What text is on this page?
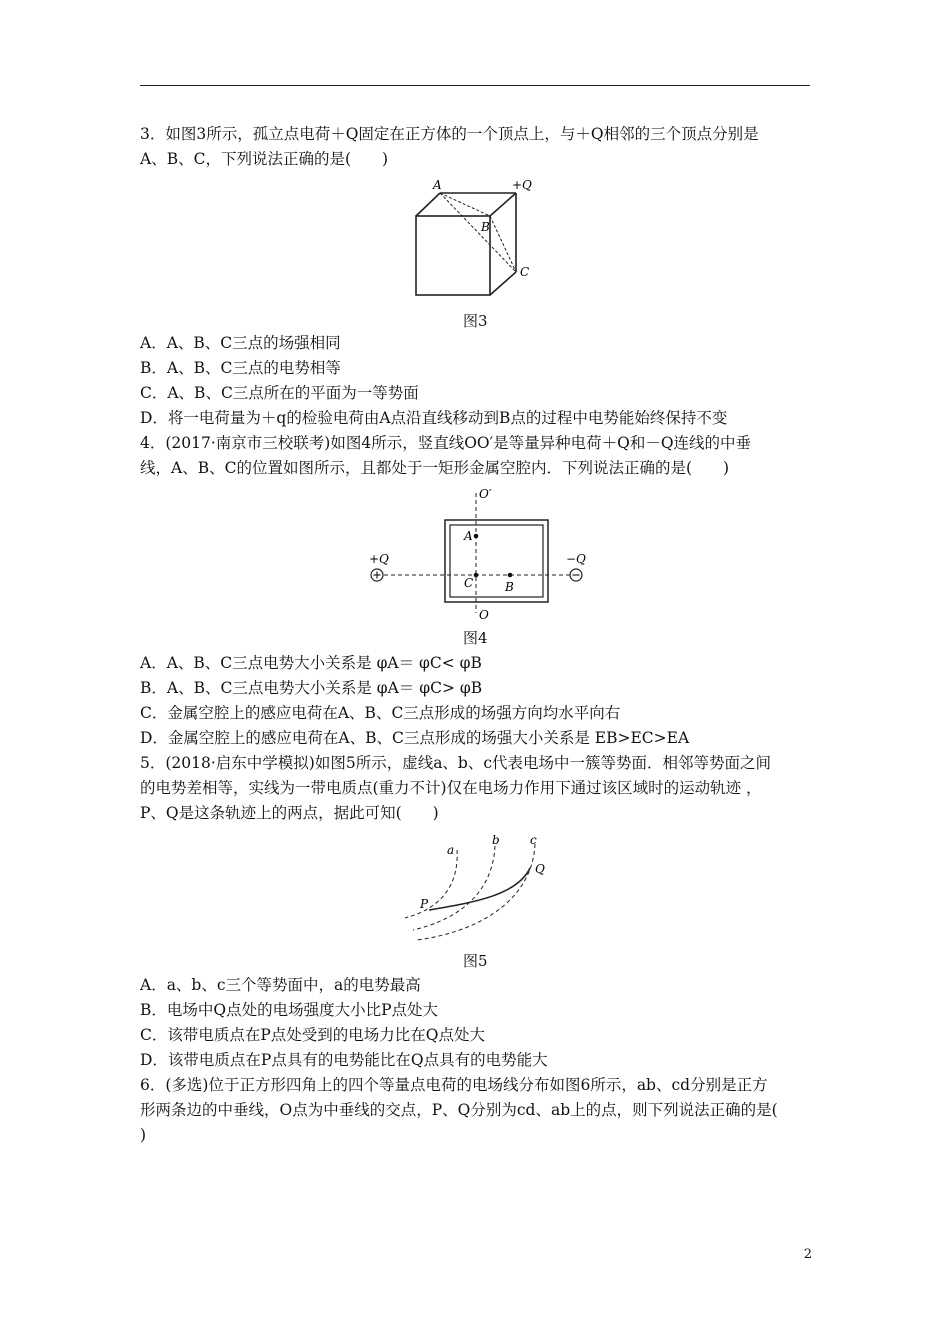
3．如图3所示，孤立点电荷＋Q固定在正方体的一个顶点上，与＋Q相邻的三个顶点分别是
A、B、C，下列说法正确的是(　　)
A	+Q
B
C
图3
A．A、B、C三点的场强相同
B．A、B、C三点的电势相等
C．A、B、C三点所在的平面为一等势面
D．将一电荷量为＋q的检验电荷由A点沿直线移动到B点的过程中电势能始终保持不变
4．(2017·南京市三校联考)如图4所示，竖直线OO′是等量异种电荷＋Q和－Q连线的中垂
线，A、B、C的位置如图所示，且都处于一矩形金属空腔内．下列说法正确的是(　　)
O′
O
A
C	B
+Q	−Q
图4
A．A、B、C三点电势大小关系是 φA＝ φC< φB
B．A、B、C三点电势大小关系是 φA＝ φC> φB
C．金属空腔上的感应电荷在A、B、C三点形成的场强方向均水平向右
D．金属空腔上的感应电荷在A、B、C三点形成的场强大小关系是 EB>EC>EA
5．(2018·启东中学模拟)如图5所示，虚线a、b、c代表电场中一簇等势面．相邻等势面之间
的电势差相等，实线为一带电质点(重力不计)仅在电场力作用下通过该区域时的运动轨迹 ，
P、Q是这条轨迹上的两点，据此可知(　　)
a
b	c
P
Q
图5
A．a、b、c三个等势面中，a的电势最高
B．电场中Q点处的电场强度大小比P点处大
C．该带电质点在P点处受到的电场力比在Q点处大
D．该带电质点在P点具有的电势能比在Q点具有的电势能大
6．(多选)位于正方形四角上的四个等量点电荷的电场线分布如图6所示，ab、cd分别是正方
形两条边的中垂线，O点为中垂线的交点，P、Q分别为cd、ab上的点，则下列说法正确的是(
)
2
